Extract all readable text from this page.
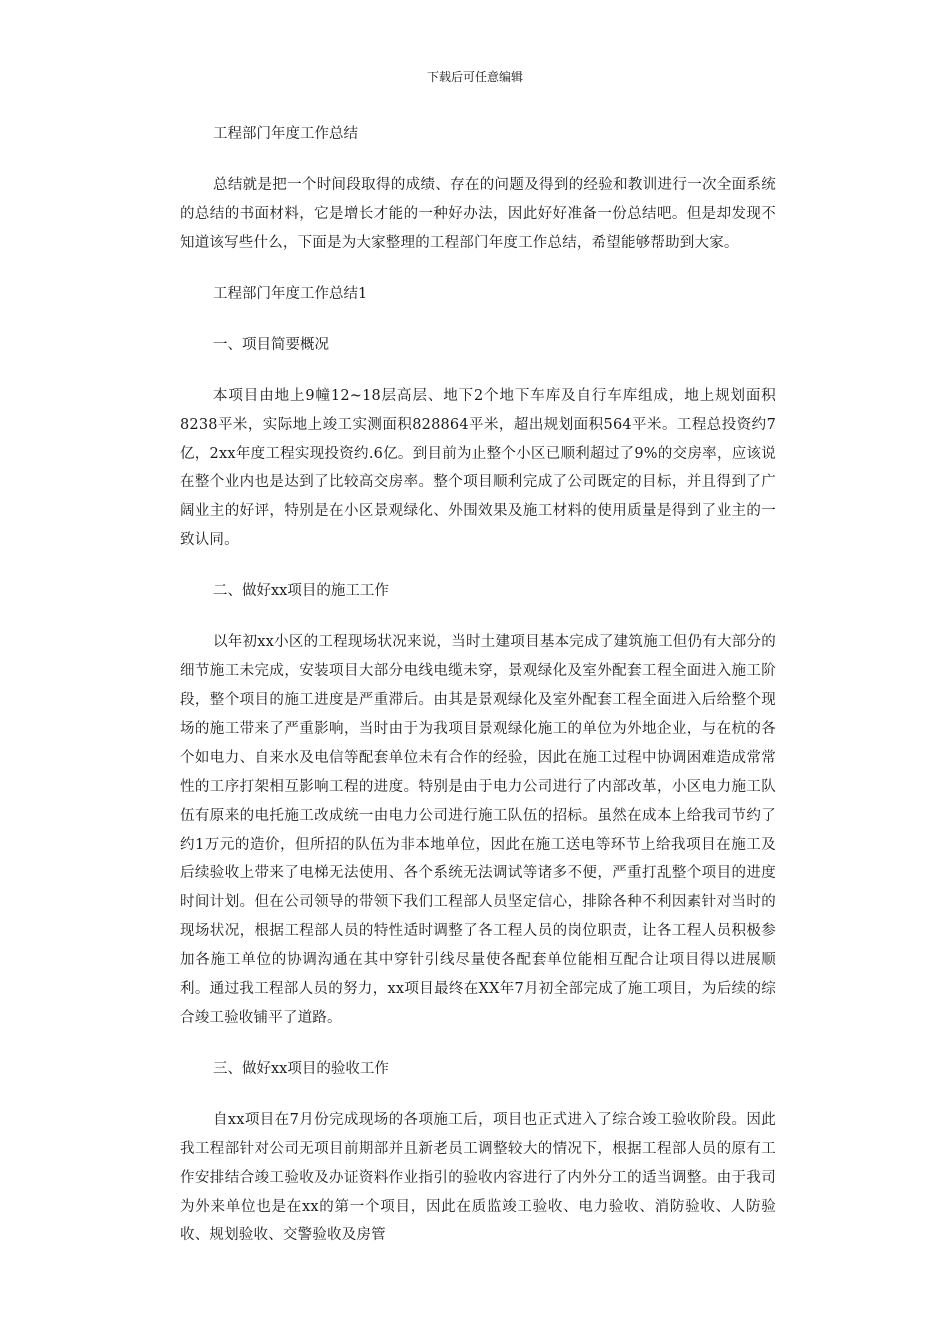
下载后可任意编辑

工程部门年度工作总结

总结就是把一个时间段取得的成绩、存在的问题及得到的经验和教训进行一次全面系统的总结的书面材料，它是增长才能的一种好办法，因此好好准备一份总结吧。但是却发现不知道该写些什么，下面是为大家整理的工程部门年度工作总结，希望能够帮助到大家。

工程部门年度工作总结1

一、项目简要概况

本项目由地上9幢12~18层高层、地下2个地下车库及自行车库组成，地上规划面积8238平米，实际地上竣工实测面积828864平米，超出规划面积564平米。工程总投资约7亿，2xx年度工程实现投资约.6亿。到目前为止整个小区已顺利超过了9%的交房率，应该说在整个业内也是达到了比较高交房率。整个项目顺利完成了公司既定的目标，并且得到了广阔业主的好评，特别是在小区景观绿化、外围效果及施工材料的使用质量是得到了业主的一致认同。

二、做好xx项目的施工工作

以年初xx小区的工程现场状况来说，当时土建项目基本完成了建筑施工但仍有大部分的细节施工未完成，安装项目大部分电线电缆未穿，景观绿化及室外配套工程全面进入施工阶段，整个项目的施工进度是严重滞后。由其是景观绿化及室外配套工程全面进入后给整个现场的施工带来了严重影响，当时由于为我项目景观绿化施工的单位为外地企业，与在杭的各个如电力、自来水及电信等配套单位未有合作的经验，因此在施工过程中协调困难造成常常性的工序打架相互影响工程的进度。特别是由于电力公司进行了内部改革，小区电力施工队伍有原来的电托施工改成统一由电力公司进行施工队伍的招标。虽然在成本上给我司节约了约1万元的造价，但所招的队伍为非本地单位，因此在施工送电等环节上给我项目在施工及后续验收上带来了电梯无法使用、各个系统无法调试等诸多不便，严重打乱整个项目的进度时间计划。但在公司领导的带领下我们工程部人员坚定信心，排除各种不利因素针对当时的现场状况，根据工程部人员的特性适时调整了各工程人员的岗位职责，让各工程人员积极参加各施工单位的协调沟通在其中穿针引线尽量使各配套单位能相互配合让项目得以进展顺利。通过我工程部人员的努力，xx项目最终在XX年7月初全部完成了施工项目，为后续的综合竣工验收铺平了道路。

三、做好xx项目的验收工作

自xx项目在7月份完成现场的各项施工后，项目也正式进入了综合竣工验收阶段。因此我工程部针对公司无项目前期部并且新老员工调整较大的情况下，根据工程部人员的原有工作安排结合竣工验收及办证资料作业指引的验收内容进行了内外分工的适当调整。由于我司为外来单位也是在xx的第一个项目，因此在质监竣工验收、电力验收、消防验收、人防验收、规划验收、交警验收及房管
